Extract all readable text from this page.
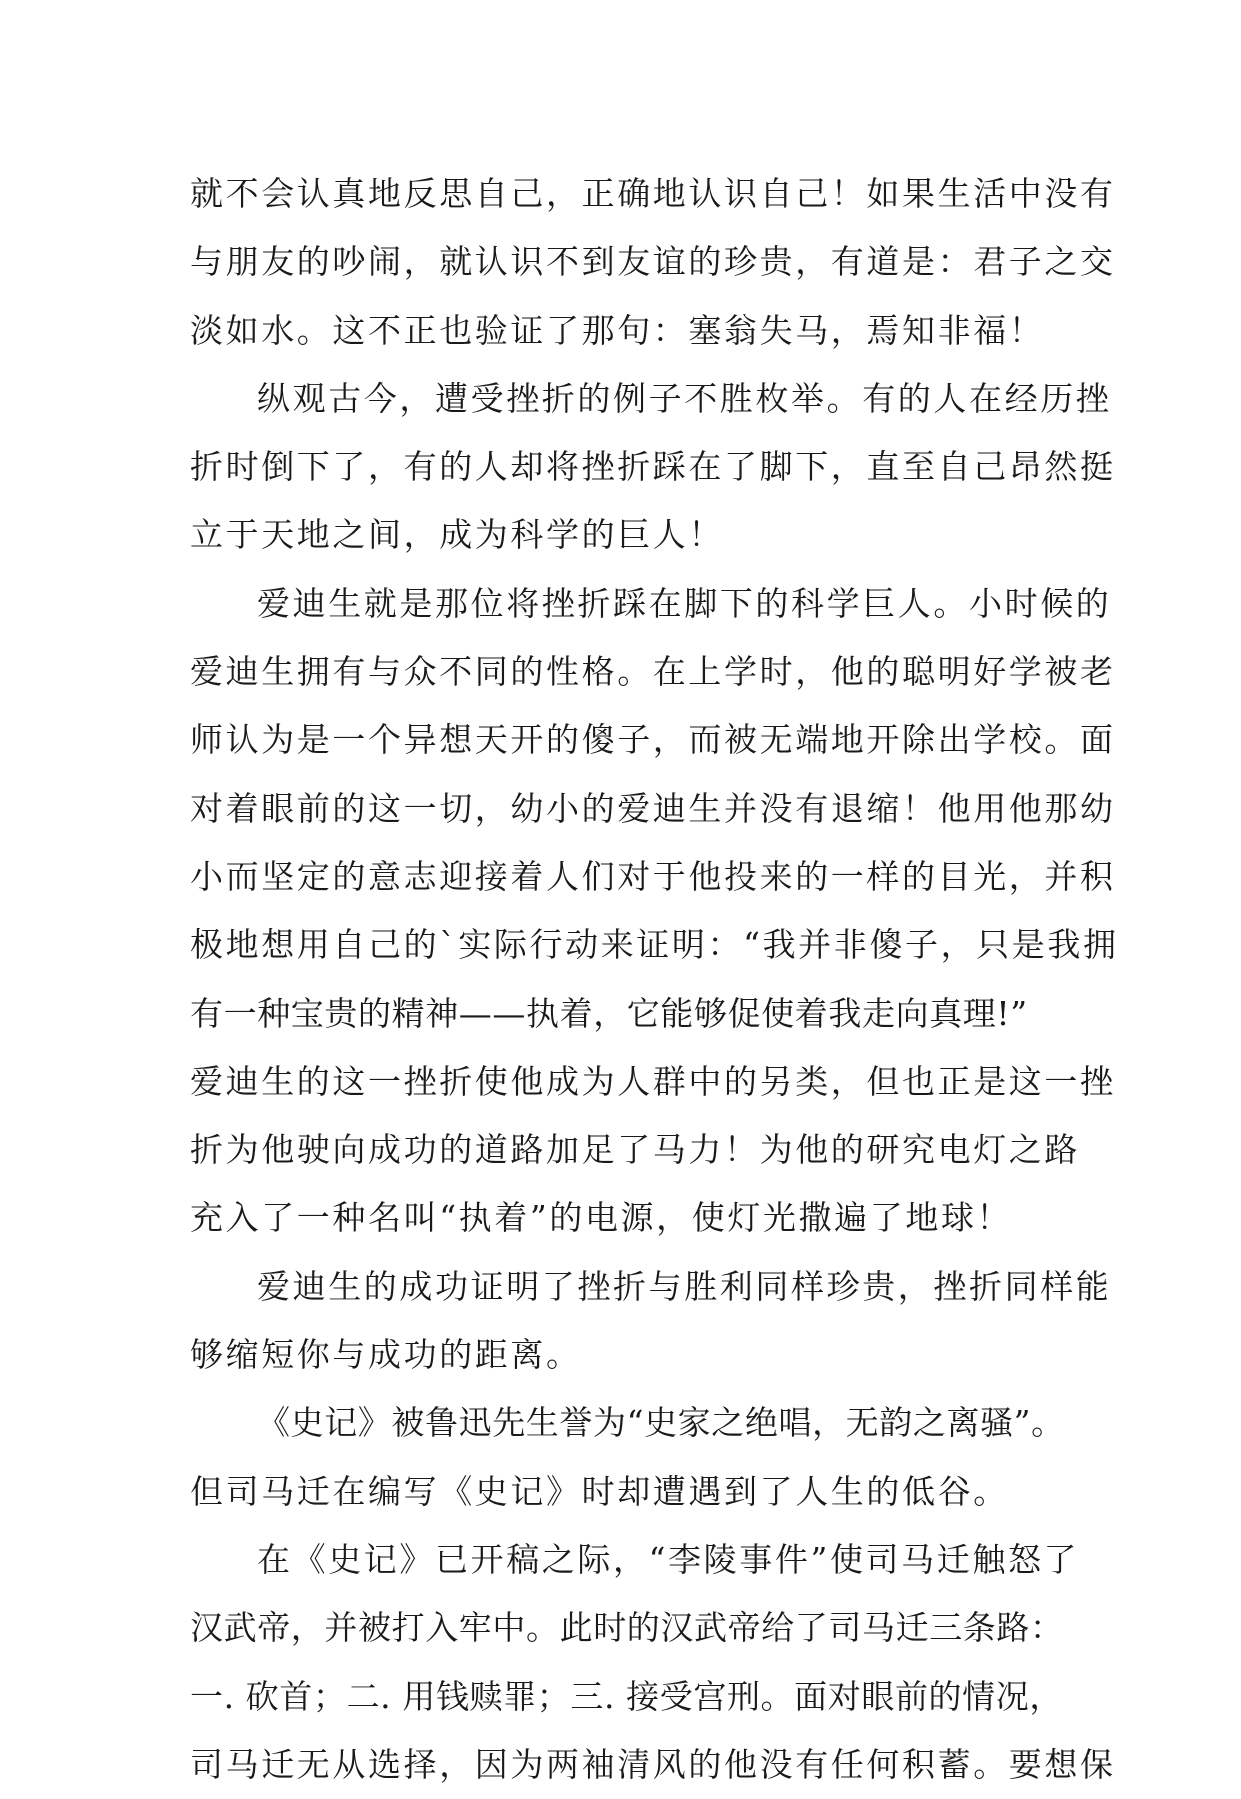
就不会认真地反思自己，正确地认识自己！如果生活中没有
与朋友的吵闹，就认识不到友谊的珍贵，有道是：君子之交
淡如水。这不正也验证了那句：塞翁失马，焉知非福！
纵观古今，遭受挫折的例子不胜枚举。有的人在经历挫
折时倒下了，有的人却将挫折踩在了脚下，直至自己昂然挺
立于天地之间，成为科学的巨人！
爱迪生就是那位将挫折踩在脚下的科学巨人。小时候的
爱迪生拥有与众不同的性格。在上学时，他的聪明好学被老
师认为是一个异想天开的傻子，而被无端地开除出学校。面
对着眼前的这一切，幼小的爱迪生并没有退缩！他用他那幼
小而坚定的意志迎接着人们对于他投来的一样的目光，并积
极地想用自己的`实际行动来证明：“我并非傻子，只是我拥
有一种宝贵的精神——执着，它能够促使着我走向真理!”
爱迪生的这一挫折使他成为人群中的另类，但也正是这一挫
折为他驶向成功的道路加足了马力！为他的研究电灯之路
充入了一种名叫“执着”的电源，使灯光撒遍了地球！
爱迪生的成功证明了挫折与胜利同样珍贵，挫折同样能
够缩短你与成功的距离。
《史记》被鲁迅先生誉为“史家之绝唱，无韵之离骚”。
但司马迁在编写《史记》时却遭遇到了人生的低谷。
在《史记》已开稿之际，“李陵事件”使司马迁触怒了
汉武帝，并被打入牢中。此时的汉武帝给了司马迁三条路：
一. 砍首；二. 用钱赎罪；三. 接受宫刑。面对眼前的情况，
司马迁无从选择，因为两袖清风的他没有任何积蓄。要想保
